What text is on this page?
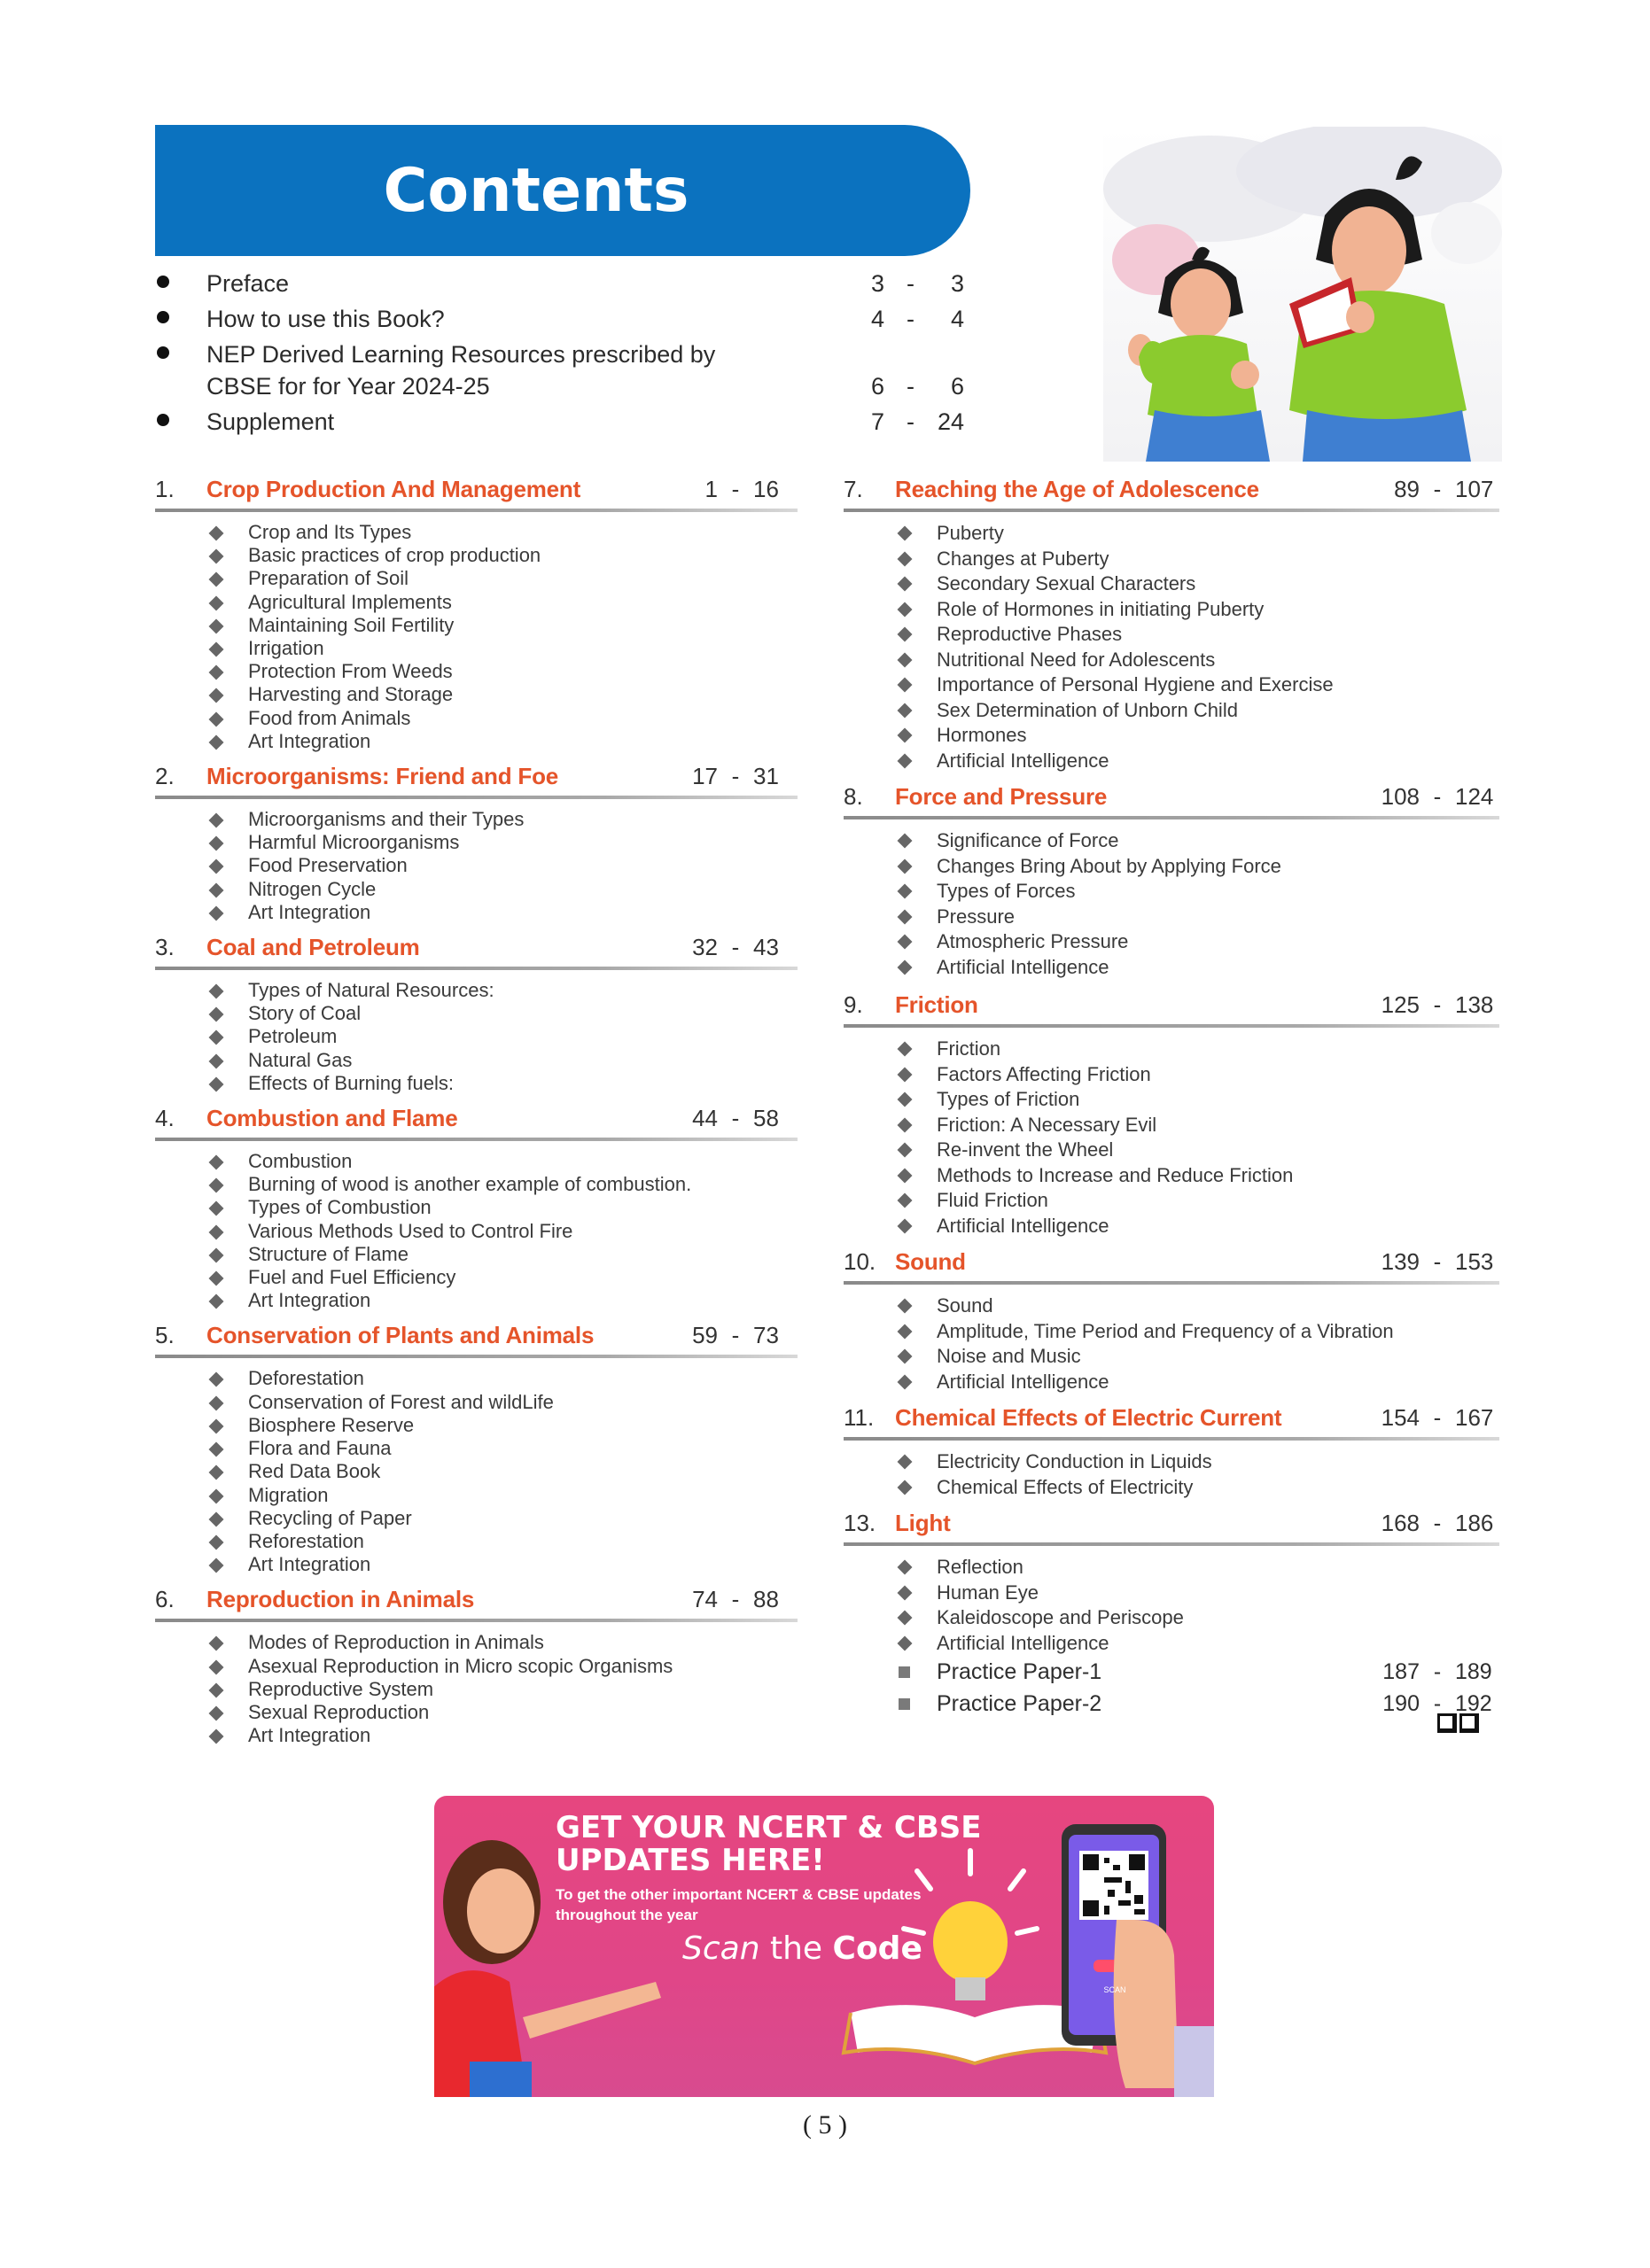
Contents
Preface	3 -	3
How to use this Book?	4 -	4
NEP Derived Learning Resources prescribed by CBSE for for Year 2024-25	6 -	6
Supplement	7 - 24
1.	Crop Production And Management	1 - 16
Crop and Its Types
Basic practices of crop production
Preparation of Soil
Agricultural Implements
Maintaining Soil Fertility
Irrigation
Protection From Weeds
Harvesting and Storage
Food from Animals
Art Integration
2.	Microorganisms: Friend and Foe	17 - 31
Microorganisms and their Types
Harmful Microorganisms
Food Preservation
Nitrogen Cycle
Art Integration
3.	Coal and Petroleum	32 - 43
Types of Natural Resources:
Story of Coal
Petroleum
Natural Gas
Effects of Burning fuels:
4.	Combustion and Flame	44 - 58
Combustion
Burning of wood is another example of combustion.
Types of Combustion
Various Methods Used to Control Fire
Structure of Flame
Fuel and Fuel Efficiency
Art Integration
5.	Conservation of Plants and Animals	59 - 73
Deforestation
Conservation of Forest and wildLife
Biosphere Reserve
Flora and Fauna
Red Data Book
Migration
Recycling of Paper
Reforestation
Art Integration
6.	Reproduction in Animals	74 - 88
Modes of Reproduction in Animals
Asexual Reproduction in Micro scopic Organisms
Reproductive System
Sexual Reproduction
Art Integration
7.	Reaching the Age of Adolescence	89 - 107
Puberty
Changes at Puberty
Secondary Sexual Characters
Role of Hormones in initiating Puberty
Reproductive Phases
Nutritional Need for Adolescents
Importance of Personal Hygiene and Exercise
Sex Determination of Unborn Child
Hormones
Artificial Intelligence
8.	Force and Pressure	108 - 124
Significance of Force
Changes Bring About by Applying Force
Types of Forces
Pressure
Atmospheric Pressure
Artificial Intelligence
9.	Friction	125 - 138
Friction
Factors Affecting Friction
Types of Friction
Friction: A Necessary Evil
Re-invent the Wheel
Methods to Increase and Reduce Friction
Fluid Friction
Artificial Intelligence
10. Sound	139 - 153
Sound
Amplitude, Time Period and Frequency of a Vibration
Noise and Music
Artificial Intelligence
11. Chemical Effects of Electric Current	154 - 167
Electricity Conduction in Liquids
Chemical Effects of Electricity
13. Light	168 - 186
Reflection
Human Eye
Kaleidoscope and Periscope
Artificial Intelligence
Practice Paper-1	187 - 189
Practice Paper-2	190 - 192
GET YOUR NCERT & CBSE UPDATES HERE!
To get the other important NCERT & CBSE updates throughout the year
Scan the Code
SCAN
( 5 )
